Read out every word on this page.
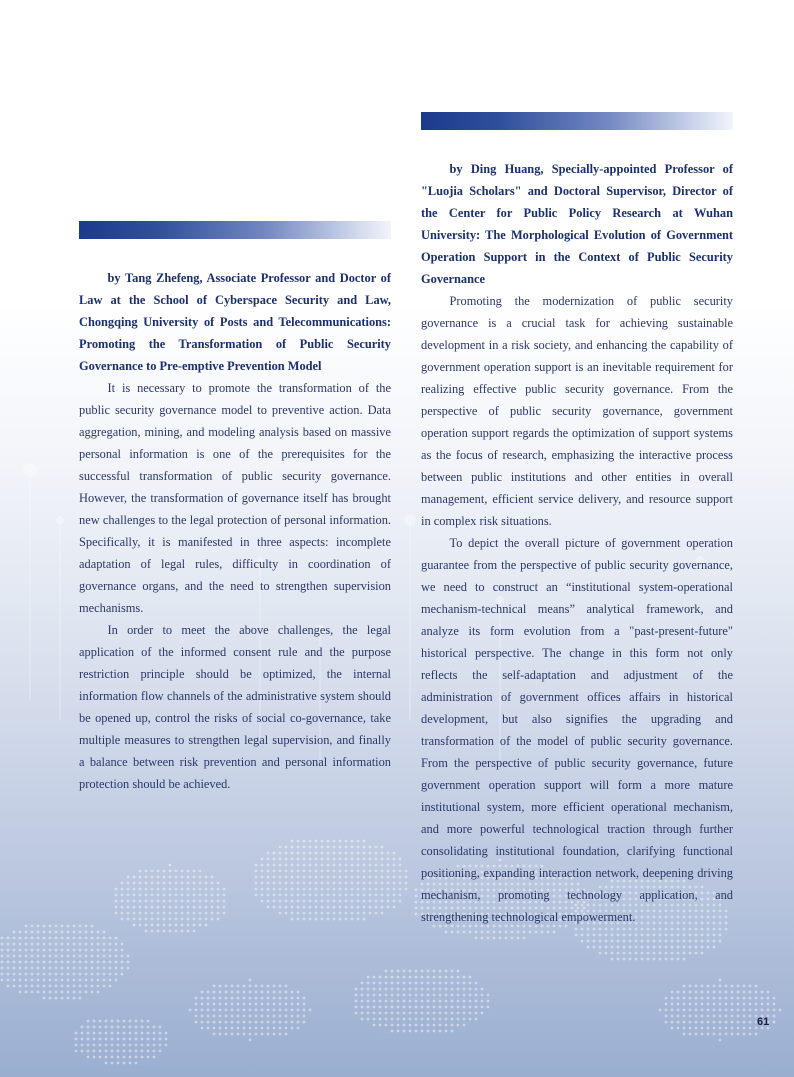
by Tang Zhefeng, Associate Professor and Doctor of Law at the School of Cyberspace Security and Law, Chongqing University of Posts and Telecommunications: Promoting the Transformation of Public Security Governance to Pre-emptive Prevention Model

It is necessary to promote the transformation of the public security governance model to preventive action. Data aggregation, mining, and modeling analysis based on massive personal information is one of the prerequisites for the successful transformation of public security governance. However, the transformation of governance itself has brought new challenges to the legal protection of personal information. Specifically, it is manifested in three aspects: incomplete adaptation of legal rules, difficulty in coordination of governance organs, and the need to strengthen supervision mechanisms.

In order to meet the above challenges, the legal application of the informed consent rule and the purpose restriction principle should be optimized, the internal information flow channels of the administrative system should be opened up, control the risks of social co-governance, take multiple measures to strengthen legal supervision, and finally a balance between risk prevention and personal information protection should be achieved.

by Ding Huang, Specially-appointed Professor of "Luojia Scholars" and Doctoral Supervisor, Director of the Center for Public Policy Research at Wuhan University: The Morphological Evolution of Government Operation Support in the Context of Public Security Governance

Promoting the modernization of public security governance is a crucial task for achieving sustainable development in a risk society, and enhancing the capability of government operation support is an inevitable requirement for realizing effective public security governance. From the perspective of public security governance, government operation support regards the optimization of support systems as the focus of research, emphasizing the interactive process between public institutions and other entities in overall management, efficient service delivery, and resource support in complex risk situations.

To depict the overall picture of government operation guarantee from the perspective of public security governance, we need to construct an “institutional system-operational mechanism-technical means” analytical framework, and analyze its form evolution from a "past-present-future" historical perspective. The change in this form not only reflects the self-adaptation and adjustment of the administration of government offices affairs in historical development, but also signifies the upgrading and transformation of the model of public security governance. From the perspective of public security governance, future government operation support will form a more mature institutional system, more efficient operational mechanism, and more powerful technological traction through further consolidating institutional foundation, clarifying functional positioning, expanding interaction network, deepening driving mechanism, promoting technology application, and strengthening technological empowerment.

61
